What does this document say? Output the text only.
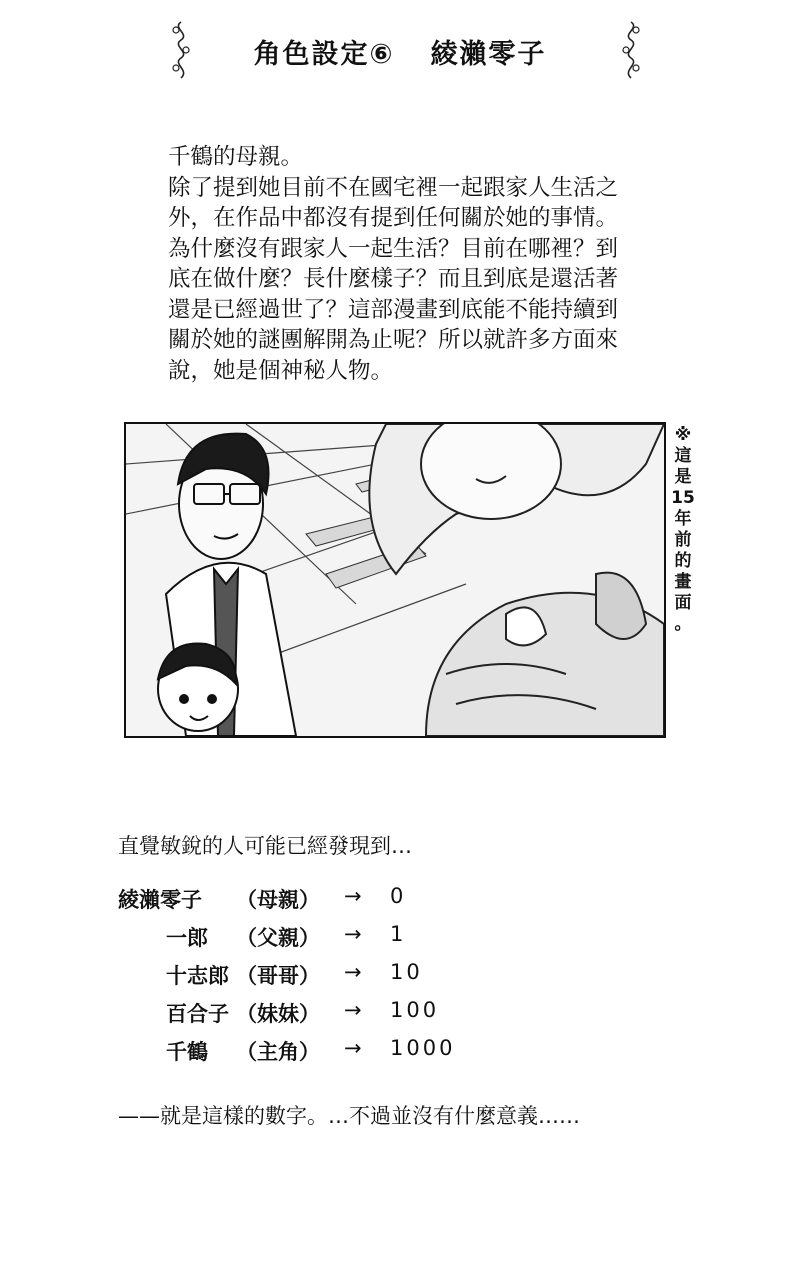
角色設定⑥ 綾瀨零子

千鶴的母親。

除了提到她目前不在國宅裡一起跟家人生活之

外，在作品中都沒有提到任何關於她的事情。

為什麼沒有跟家人一起生活？目前在哪裡？到

底在做什麼？長什麼樣子？而且到底是還活著

還是已經過世了？這部漫畫到底能不能持續到

關於她的謎團解開為止呢？所以就許多方面來

說，她是個神秘人物。

※
這
是
15
年
前
的
畫
面
。
直覺敏銳的人可能已經發現到…
綾瀨零子 （母親） → 0
一郎 （父親） → 1
十志郎 （哥哥） → 10
百合子 （妹妹） → 100
千鶴 （主角） → 1000
——就是這樣的數字。…不過並沒有什麼意義……
